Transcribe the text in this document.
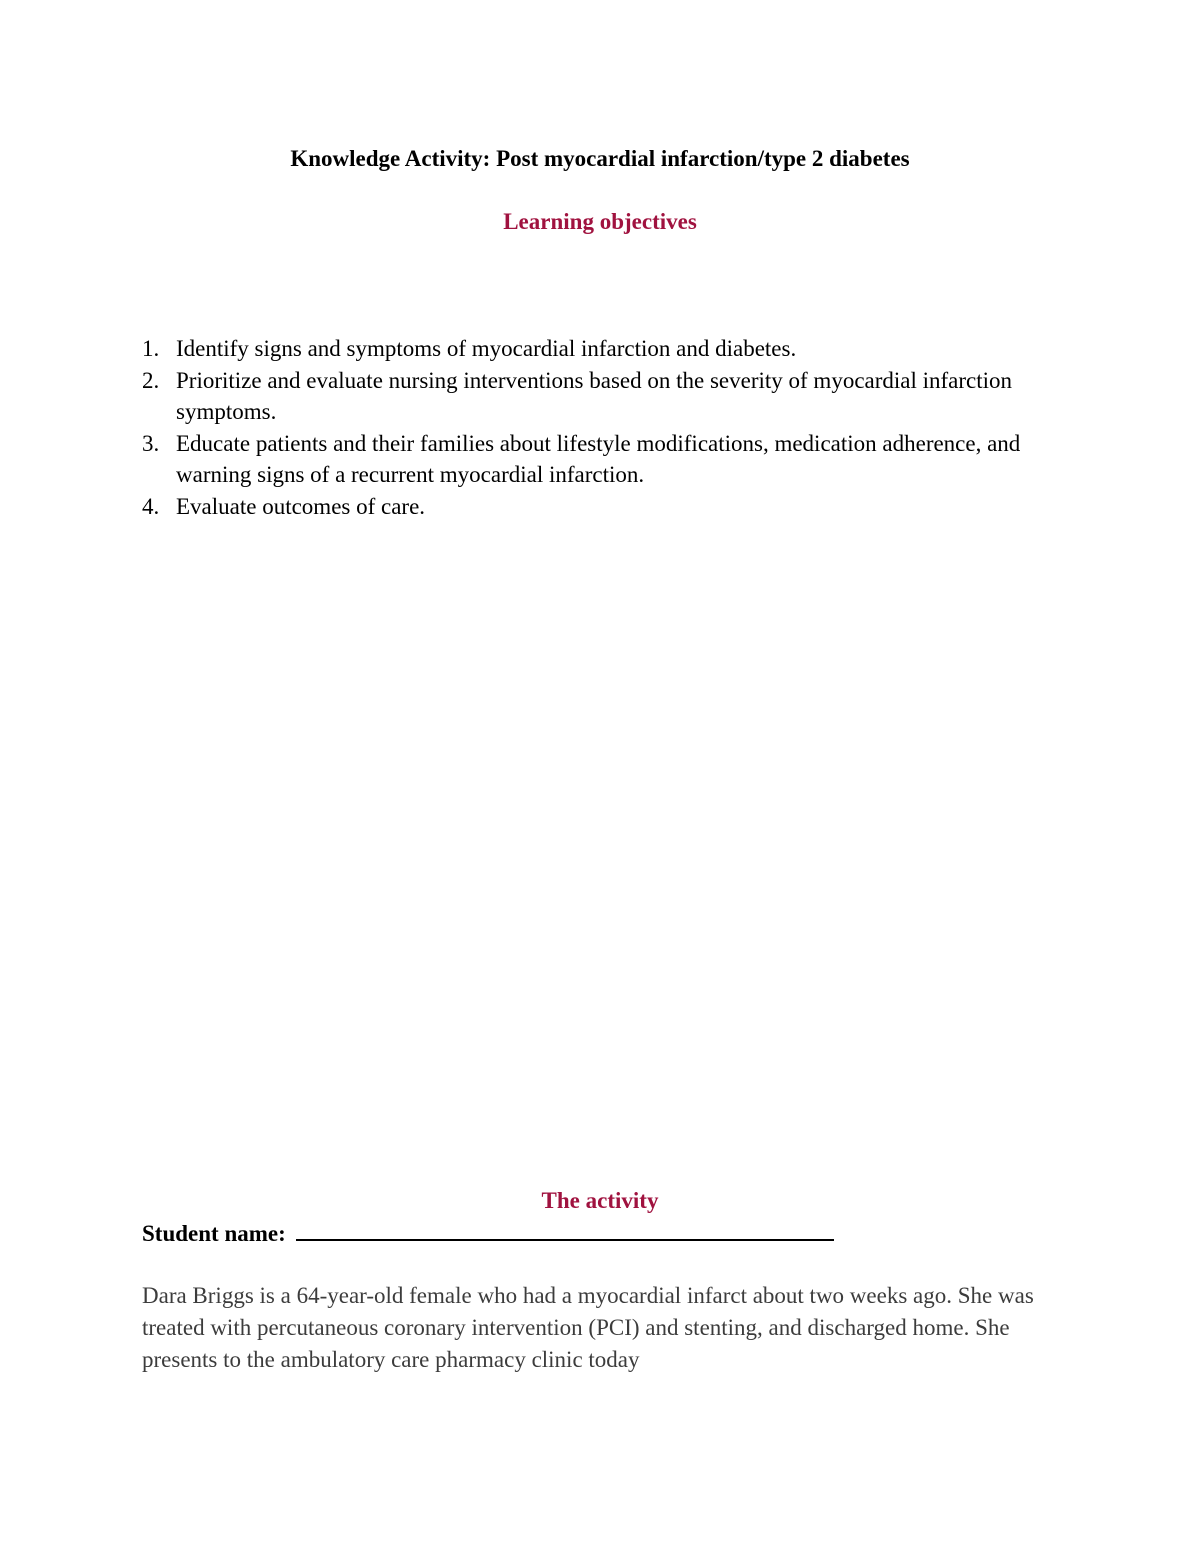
Knowledge Activity: Post myocardial infarction/type 2 diabetes
Learning objectives
1. Identify signs and symptoms of myocardial infarction and diabetes.
2. Prioritize and evaluate nursing interventions based on the severity of myocardial infarction symptoms.
3. Educate patients and their families about lifestyle modifications, medication adherence, and warning signs of a recurrent myocardial infarction.
4. Evaluate outcomes of care.
The activity

Student name:

Dara Briggs is a 64-year-old female who had a myocardial infarct about two weeks ago. She was treated with percutaneous coronary intervention (PCI) and stenting, and discharged home. She presents to the ambulatory care pharmacy clinic today
